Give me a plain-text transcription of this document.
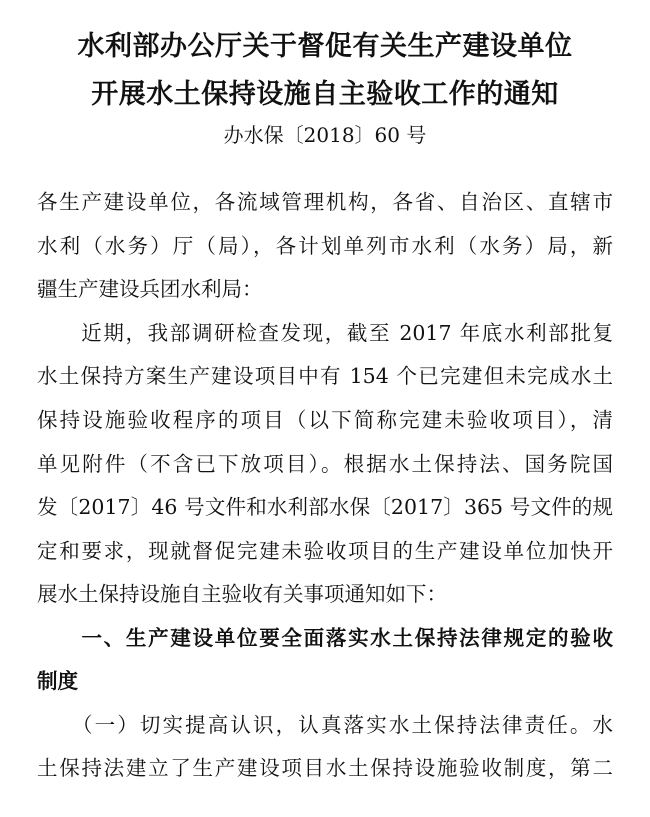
水利部办公厅关于督促有关生产建设单位
开展水土保持设施自主验收工作的通知
办水保〔2018〕60 号
各生产建设单位，各流域管理机构，各省、自治区、直辖市
水利（水务）厅（局），各计划单列市水利（水务）局，新
疆生产建设兵团水利局：
　　近期，我部调研检查发现，截至 2017 年底水利部批复
水土保持方案生产建设项目中有 154 个已完建但未完成水土
保持设施验收程序的项目（以下简称完建未验收项目），清
单见附件（不含已下放项目）。根据水土保持法、国务院国
发〔2017〕46 号文件和水利部水保〔2017〕365 号文件的规
定和要求，现就督促完建未验收项目的生产建设单位加快开
展水土保持设施自主验收有关事项通知如下：
　　一、生产建设单位要全面落实水土保持法律规定的验收
制度
　　（一）切实提高认识，认真落实水土保持法律责任。水
土保持法建立了生产建设项目水土保持设施验收制度，第二
